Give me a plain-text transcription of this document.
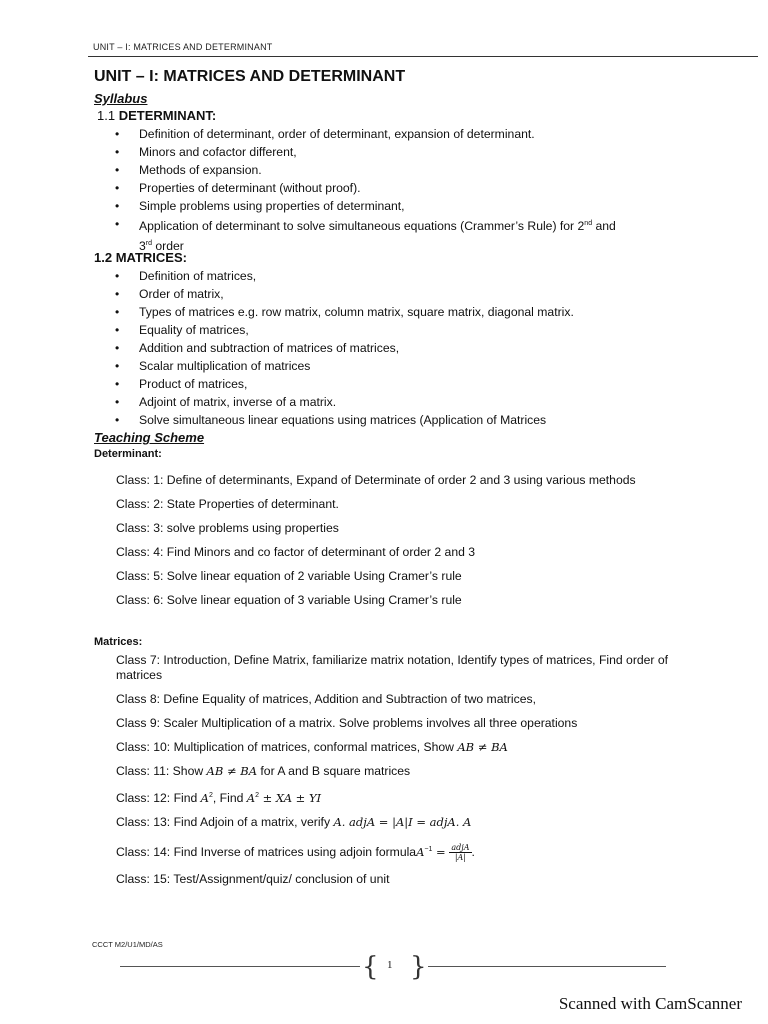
UNIT – I: MATRICES AND DETERMINANT
UNIT – I: MATRICES AND DETERMINANT
Syllabus
1.1 DETERMINANT:
• Definition of determinant, order of determinant, expansion of determinant.
• Minors and cofactor different,
• Methods of expansion.
• Properties of determinant (without proof).
• Simple problems using properties of determinant,
• Application of determinant to solve simultaneous equations (Crammer’s Rule) for 2nd and
3rd order
1.2 MATRICES:
• Definition of matrices,
• Order of matrix,
• Types of matrices e.g. row matrix, column matrix, square matrix, diagonal matrix.
• Equality of matrices,
• Addition and subtraction of matrices of matrices,
• Scalar multiplication of matrices
• Product of matrices,
• Adjoint of matrix, inverse of a matrix.
• Solve simultaneous linear equations using matrices (Application of Matrices
Teaching Scheme
Determinant:

Class: 1: Define of determinants, Expand of Determinate of order 2 and 3 using various methods

Class: 2: State Properties of determinant.

Class: 3: solve problems using properties

Class: 4: Find Minors and co factor of determinant of order 2 and 3

Class: 5: Solve linear equation of 2 variable Using Cramer’s rule

Class: 6: Solve linear equation of 3 variable Using Cramer’s rule

Matrices:

Class 7: Introduction, Define Matrix, familiarize matrix notation, Identify types of matrices, Find order of matrices

Class 8: Define Equality of matrices, Addition and Subtraction of two matrices,

Class 9: Scaler Multiplication of a matrix. Solve problems involves all three operations

Class: 10: Multiplication of matrices, conformal matrices, Show AB ≠ BA

Class: 11: Show AB ≠ BA for A and B square matrices

Class: 12: Find $A^2$, Find $A^2$ ± XA ± YI

Class: 13: Find Adjoin of a matrix, verify A. adjA = |A|I = adjA. A

Class: 14: Find Inverse of matrices using adjoin formulaA$^{-1}$ = $\frac{\text{adjA}}{|A|}$ .

Class: 15: Test/Assignment/quiz/ conclusion of unit

CCCT M2/U1/MD/AS
{ 1 }
Scanned with CamScanner
